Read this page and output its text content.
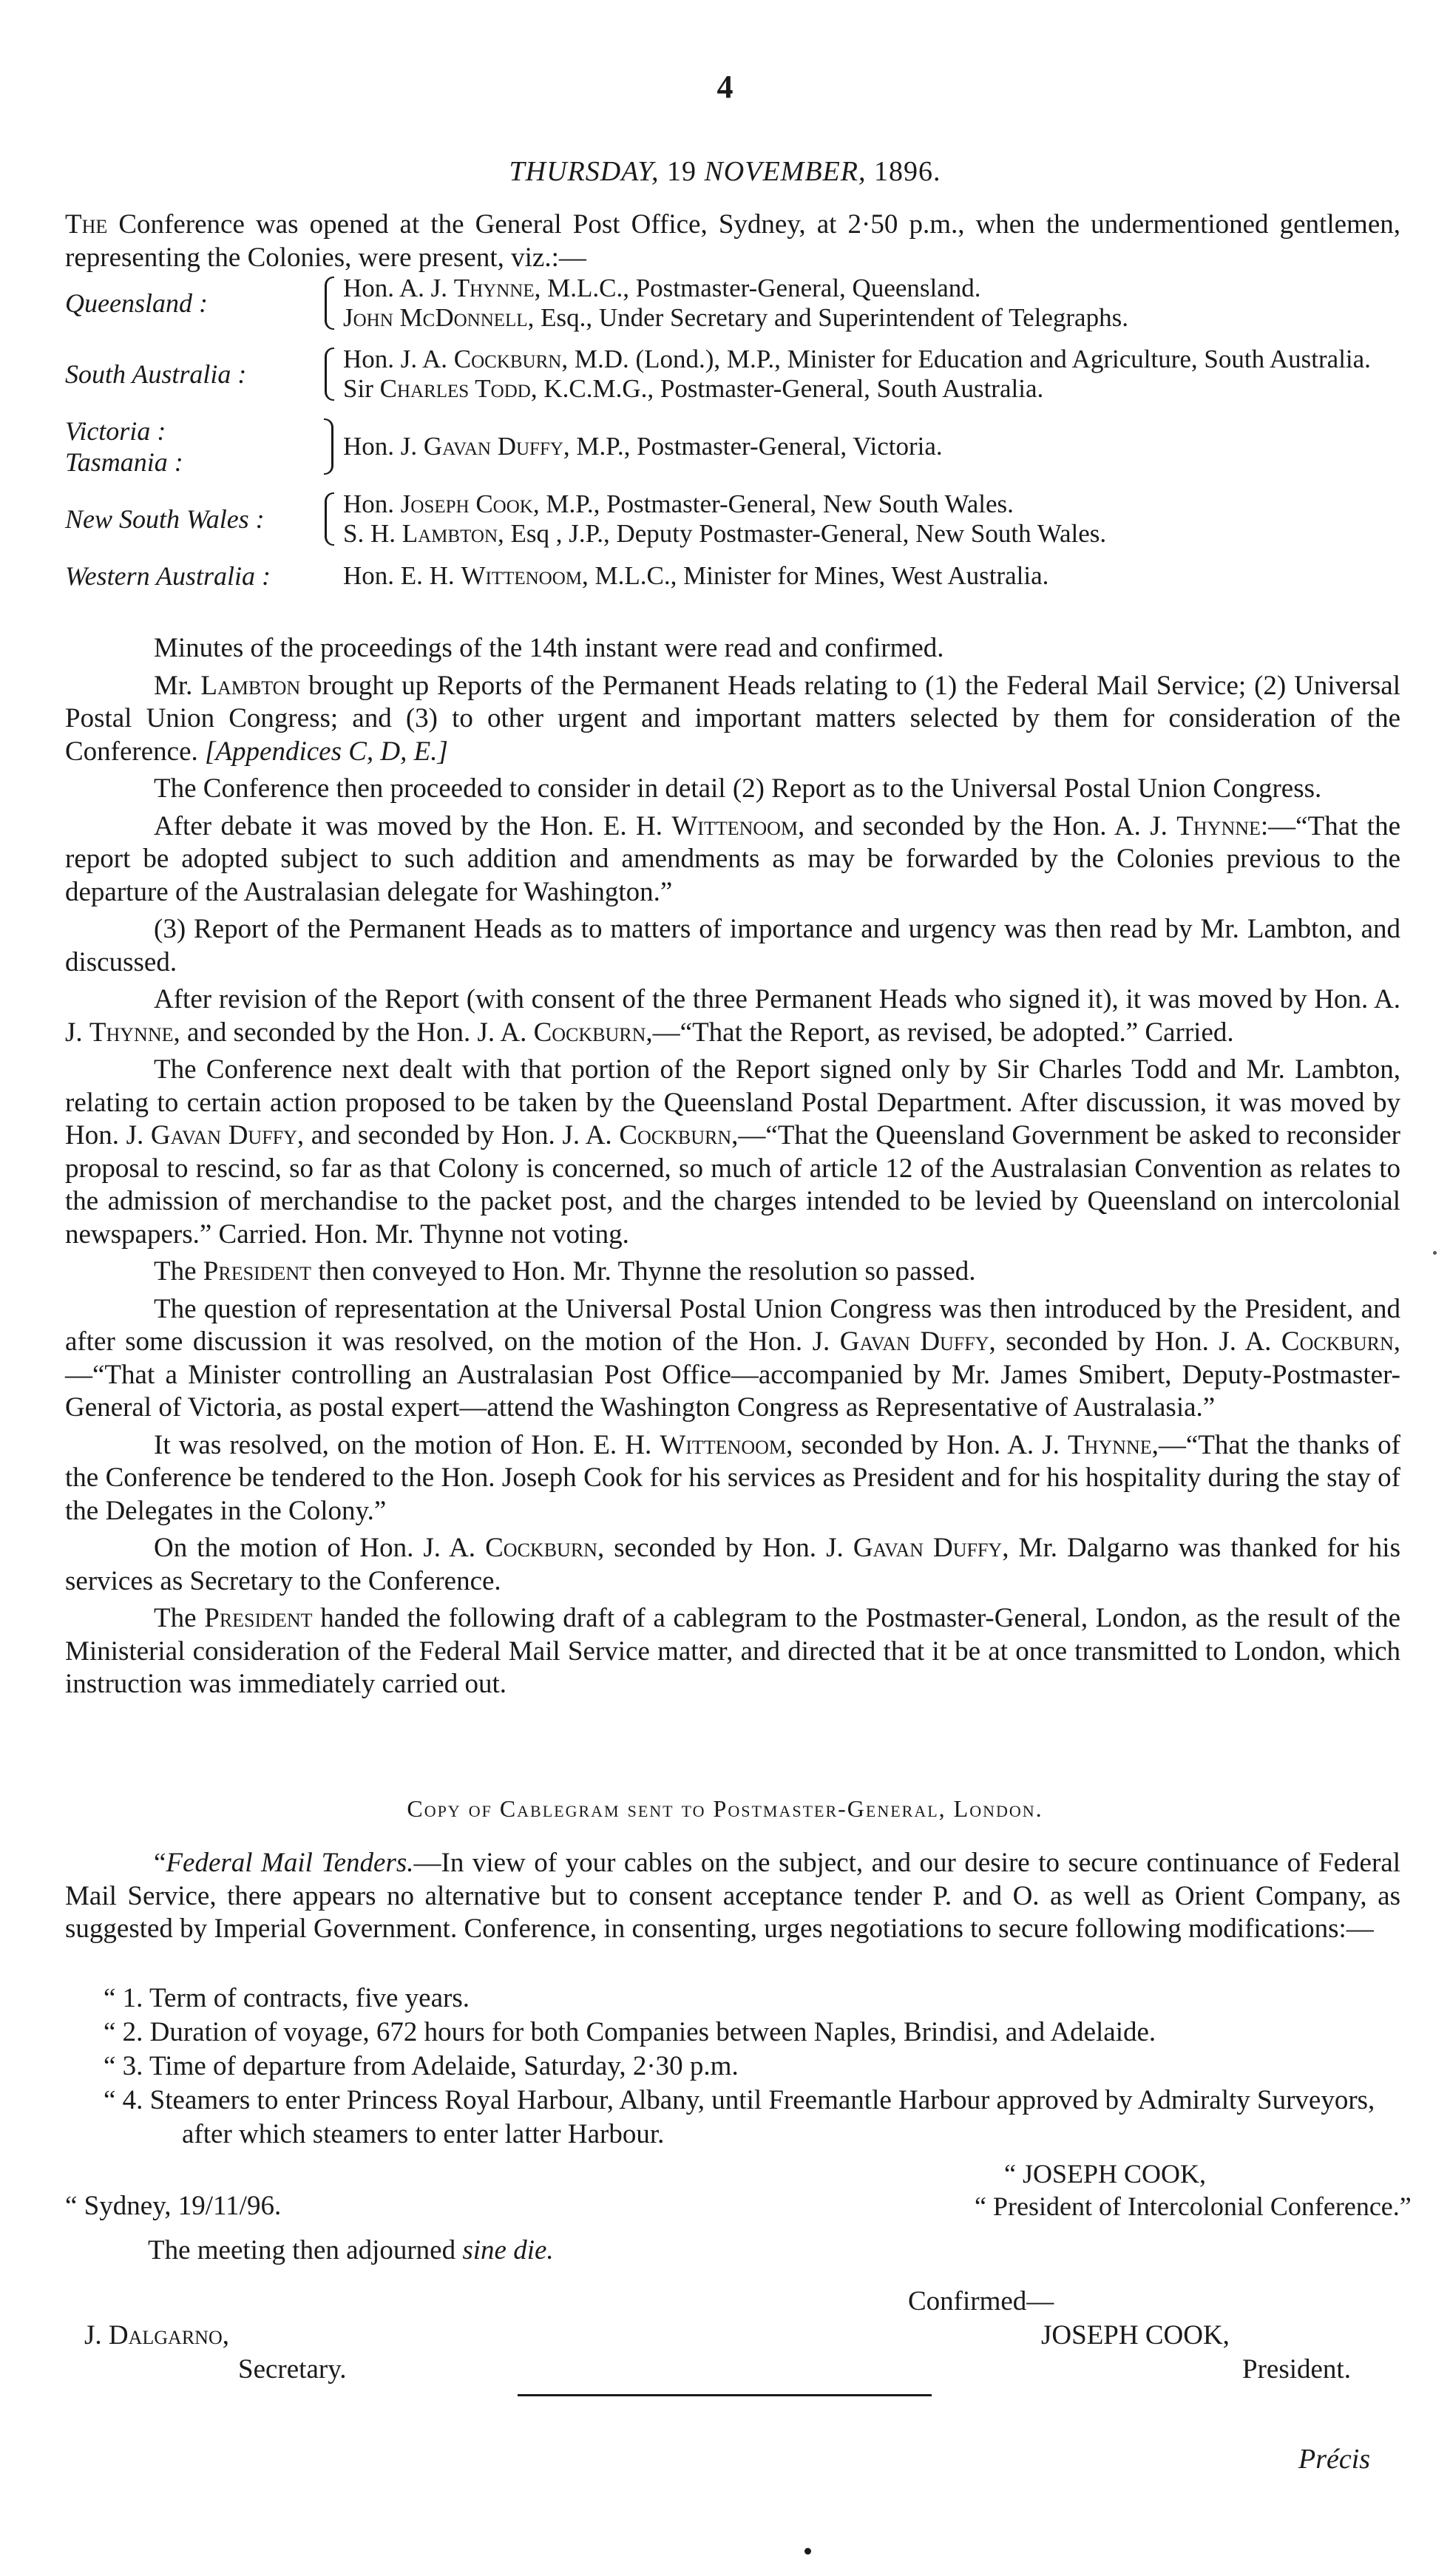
4
THURSDAY, 19 NOVEMBER, 1896.
The Conference was opened at the General Post Office, Sydney, at 2·50 p.m., when the undermentioned gentlemen, representing the Colonies, were present, viz.:—
Queensland :
Hon. A. J. Thynne, M.L.C., Postmaster-General, Queensland.
John McDonnell, Esq., Under Secretary and Superintendent of Telegraphs.
South Australia :
Hon. J. A. Cockburn, M.D. (Lond.), M.P., Minister for Education and Agriculture, South Australia.
Sir Charles Todd, K.C.M.G., Postmaster-General, South Australia.
Victoria :
Tasmania :
Hon. J. Gavan Duffy, M.P., Postmaster-General, Victoria.
New South Wales :
Hon. Joseph Cook, M.P., Postmaster-General, New South Wales.
S. H. Lambton, Esq , J.P., Deputy Postmaster-General, New South Wales.
Western Australia :	Hon. E. H. Wittenoom, M.L.C., Minister for Mines, West Australia.

Minutes of the proceedings of the 14th instant were read and confirmed.

Mr. Lambton brought up Reports of the Permanent Heads relating to (1) the Federal Mail Service; (2) Universal Postal Union Congress; and (3) to other urgent and important matters selected by them for consideration of the Conference. [Appendices C, D, E.]

The Conference then proceeded to consider in detail (2) Report as to the Universal Postal Union Congress.

After debate it was moved by the Hon. E. H. Wittenoom, and seconded by the Hon. A. J. Thynne:—“That the report be adopted subject to such addition and amendments as may be forwarded by the Colonies previous to the departure of the Australasian delegate for Washington.”

(3) Report of the Permanent Heads as to matters of importance and urgency was then read by Mr. Lambton, and discussed.

After revision of the Report (with consent of the three Permanent Heads who signed it), it was moved by Hon. A. J. Thynne, and seconded by the Hon. J. A. Cockburn,—“That the Report, as revised, be adopted.” Carried.

The Conference next dealt with that portion of the Report signed only by Sir Charles Todd and Mr. Lambton, relating to certain action proposed to be taken by the Queensland Postal Department. After discussion, it was moved by Hon. J. Gavan Duffy, and seconded by Hon. J. A. Cockburn,—“That the Queensland Government be asked to reconsider proposal to rescind, so far as that Colony is concerned, so much of article 12 of the Australasian Convention as relates to the admission of merchandise to the packet post, and the charges intended to be levied by Queensland on intercolonial newspapers.” Carried. Hon. Mr. Thynne not voting.

The President then conveyed to Hon. Mr. Thynne the resolution so passed.

The question of representation at the Universal Postal Union Congress was then introduced by the President, and after some discussion it was resolved, on the motion of the Hon. J. Gavan Duffy, seconded by Hon. J. A. Cockburn,—“That a Minister controlling an Australasian Post Office—accompanied by Mr. James Smibert, Deputy-Postmaster-General of Victoria, as postal expert—attend the Washington Congress as Representative of Australasia.”

It was resolved, on the motion of Hon. E. H. Wittenoom, seconded by Hon. A. J. Thynne,—“That the thanks of the Conference be tendered to the Hon. Joseph Cook for his services as President and for his hospitality during the stay of the Delegates in the Colony.”

On the motion of Hon. J. A. Cockburn, seconded by Hon. J. Gavan Duffy, Mr. Dalgarno was thanked for his services as Secretary to the Conference.

The President handed the following draft of a cablegram to the Postmaster-General, London, as the result of the Ministerial consideration of the Federal Mail Service matter, and directed that it be at once transmitted to London, which instruction was immediately carried out.

Copy of Cablegram sent to Postmaster-General, London.

“Federal Mail Tenders.—In view of your cables on the subject, and our desire to secure continuance of Federal Mail Service, there appears no alternative but to consent acceptance tender P. and O. as well as Orient Company, as suggested by Imperial Government. Conference, in consenting, urges negotiations to secure following modifications:—

“ 1. Term of contracts, five years.
“ 2. Duration of voyage, 672 hours for both Companies between Naples, Brindisi, and Adelaide.
“ 3. Time of departure from Adelaide, Saturday, 2·30 p.m.
“ 4. Steamers to enter Princess Royal Harbour, Albany, until Freemantle Harbour approved by Admiralty Surveyors, after which steamers to enter latter Harbour.
“ JOSEPH COOK,
“ President of Intercolonial Conference.”
“ Sydney, 19/11/96.
The meeting then adjourned sine die.
Confirmed—
JOSEPH COOK,
President.
J. Dalgarno,
Secretary.
Précis
